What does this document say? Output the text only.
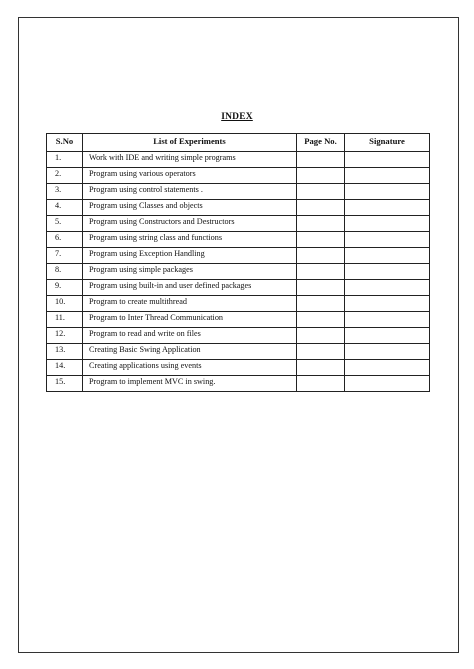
INDEX
S.No	List of Experiments	Page No.	Signature
1.	Work with IDE and writing simple programs		
2.	Program using various operators		
3.	Program using control statements .		
4.	Program using Classes and objects		
5.	Program using Constructors and Destructors		
6.	Program using string class and functions		
7.	Program using Exception Handling		
8.	Program using simple packages		
9.	Program using built-in and user defined packages		
10.	Program to create multithread		
11.	Program to Inter Thread Communication		
12.	Program to read and write on files		
13.	Creating Basic Swing Application		
14.	Creating applications using events		
15.	Program to implement MVC in swing.		
